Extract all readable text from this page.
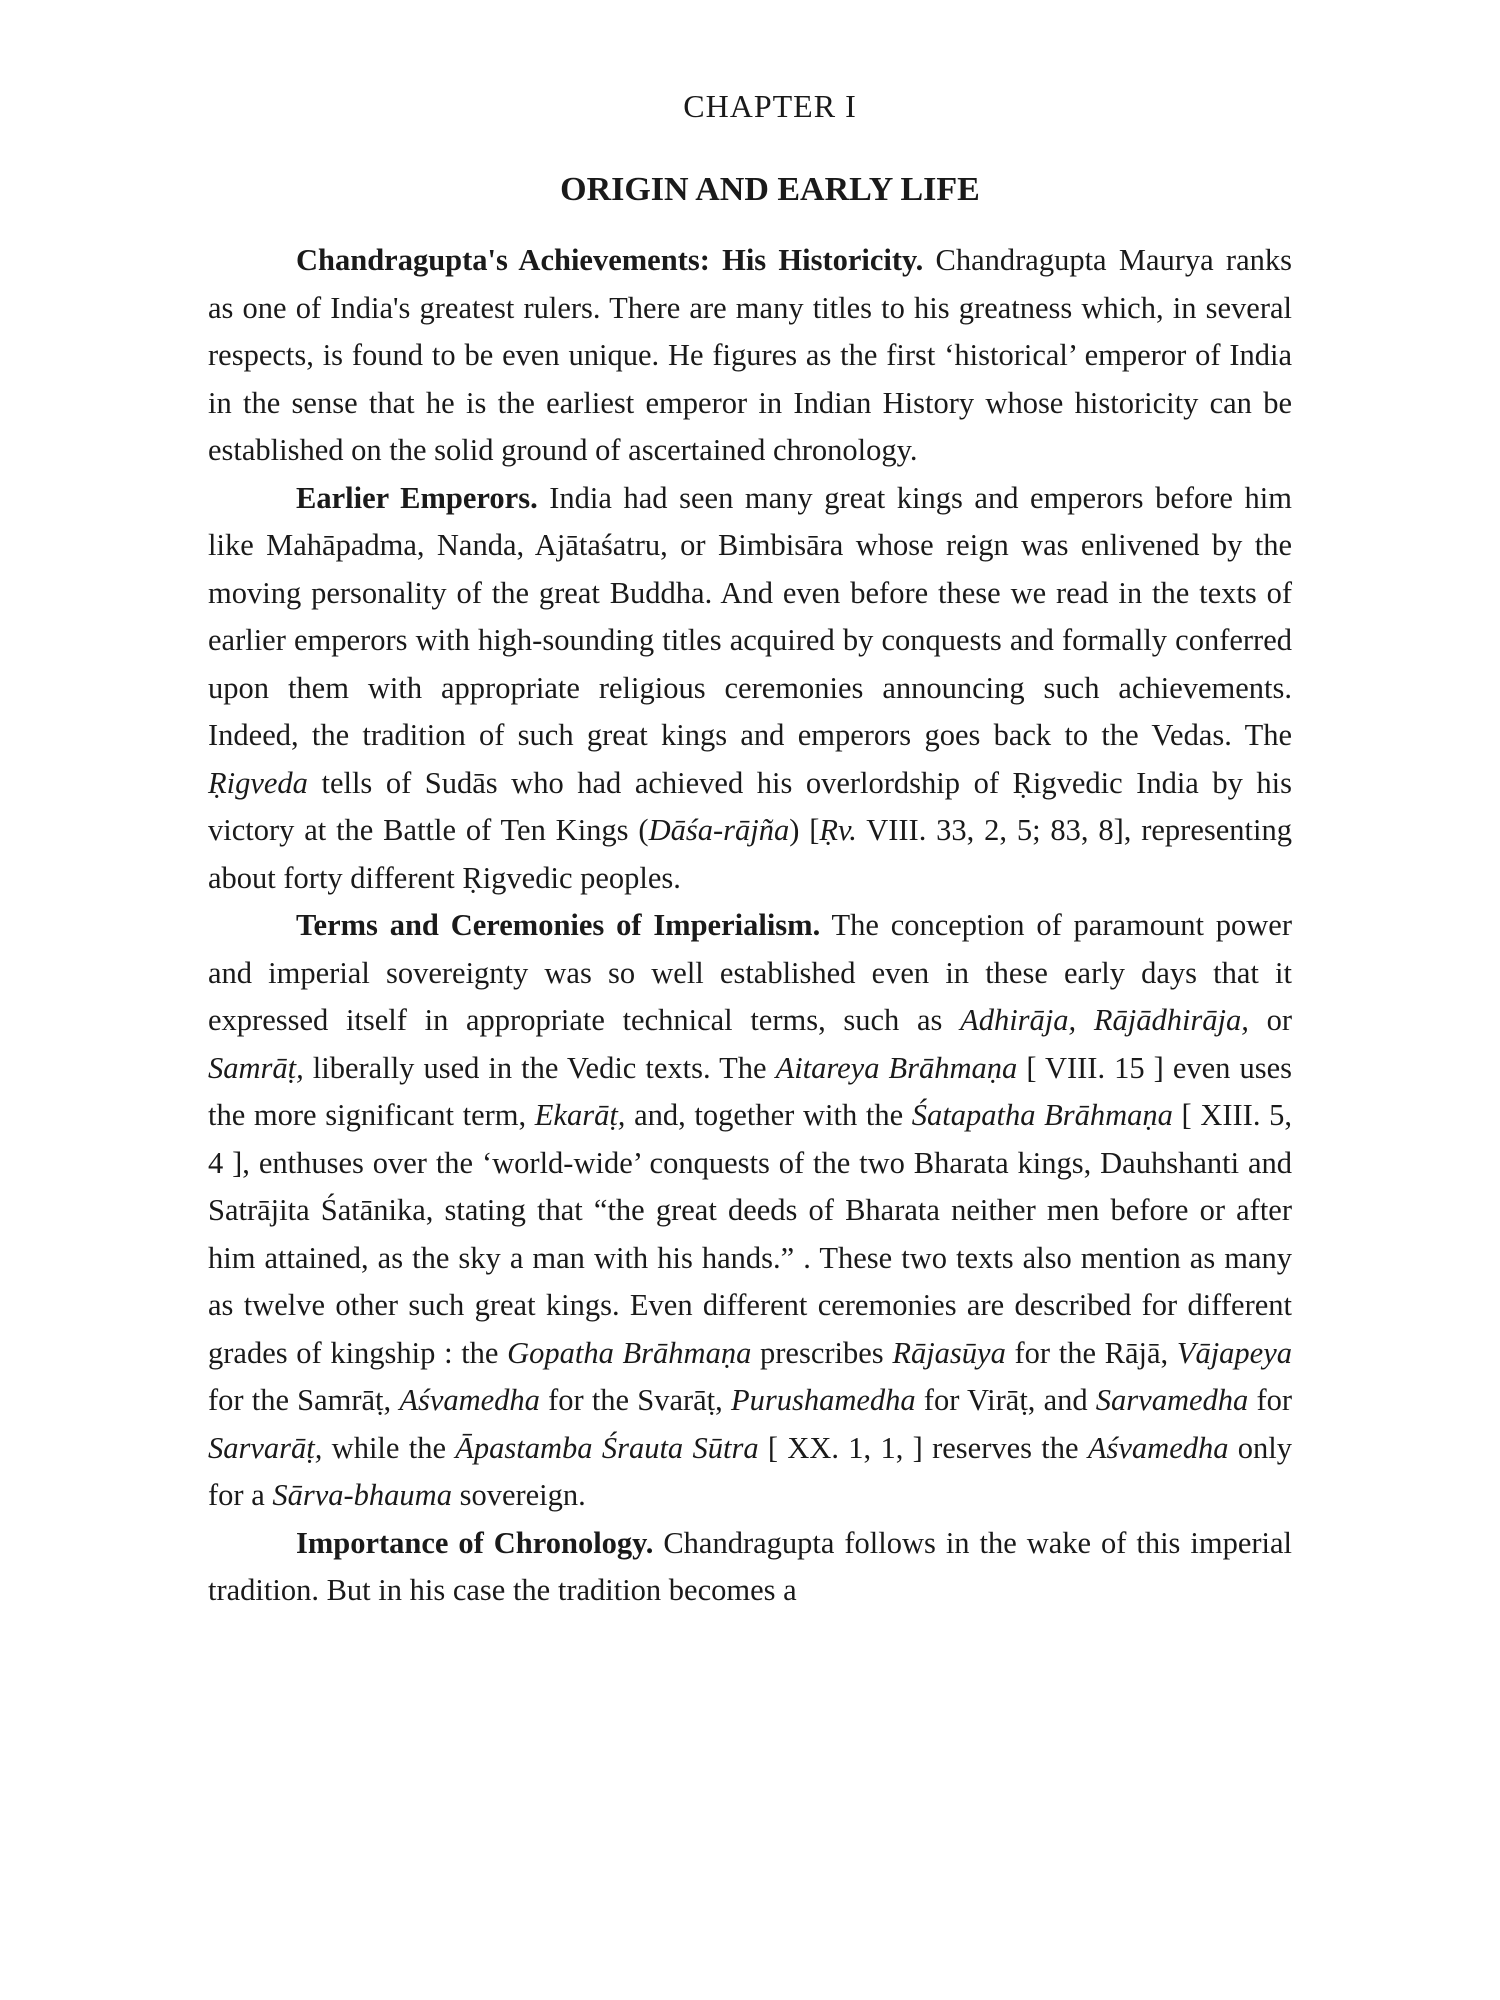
CHAPTER I
ORIGIN AND EARLY LIFE

Chandragupta's Achievements: His Historicity. Chandragupta Maurya ranks as one of India's greatest rulers. There are many titles to his greatness which, in several respects, is found to be even unique. He figures as the first ‘historical’ emperor of India in the sense that he is the earliest emperor in Indian History whose historicity can be established on the solid ground of ascertained chronology.

Earlier Emperors. India had seen many great kings and emperors before him like Mahāpadma, Nanda, Ajātaśatru, or Bimbisāra whose reign was enlivened by the moving personality of the great Buddha. And even before these we read in the texts of earlier emperors with high-sounding titles acquired by conquests and formally conferred upon them with appropriate religious ceremonies announcing such achievements. Indeed, the tradition of such great kings and emperors goes back to the Vedas. The Ṛigveda tells of Sudās who had achieved his overlordship of Ṛigvedic India by his victory at the Battle of Ten Kings (Dāśa-rājña) [Ṛv. VIII. 33, 2, 5; 83, 8], representing about forty different Ṛigvedic peoples.

Terms and Ceremonies of Imperialism. The conception of paramount power and imperial sovereignty was so well established even in these early days that it expressed itself in appropriate technical terms, such as Adhirāja, Rājādhirāja, or Samrāṭ, liberally used in the Vedic texts. The Aitareya Brāhmaṇa [ VIII. 15 ] even uses the more significant term, Ekarāṭ, and, together with the Śatapatha Brāhmaṇa [ XIII. 5, 4 ], enthuses over the ‘world-wide’ conquests of the two Bharata kings, Dauhshanti and Satrājita Śatānika, stating that “the great deeds of Bharata neither men before or after him attained, as the sky a man with his hands.” . These two texts also mention as many as twelve other such great kings. Even different ceremonies are described for different grades of kingship : the Gopatha Brāhmaṇa prescribes Rājasūya for the Rājā, Vājapeya for the Samrāṭ, Aśvamedha for the Svarāṭ, Purushamedha for Virāṭ, and Sarvamedha for Sarvarāṭ, while the Āpastamba Śrauta Sūtra [ XX. 1, 1, ] reserves the Aśvamedha only for a Sārva-bhauma sovereign.

Importance of Chronology. Chandragupta follows in the wake of this imperial tradition. But in his case the tradition becomes a
